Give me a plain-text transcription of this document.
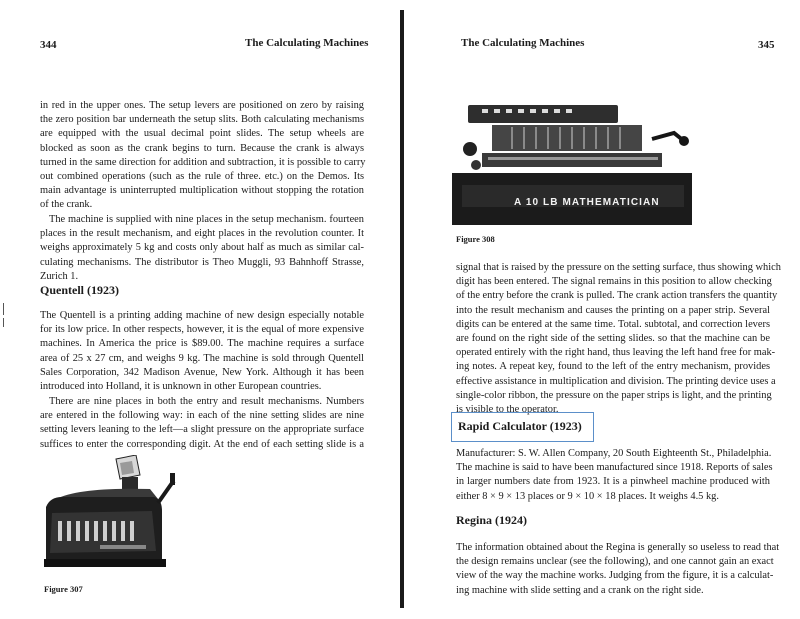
344	The Calculating Machines
in red in the upper ones. The setup levers are positioned on zero by raising
the zero position bar underneath the setup slits. Both calculating mechanisms
are equipped with the usual decimal point slides. The setup wheels are
blocked as soon as the crank begins to turn. Because the crank is always
turned in the same direction for addition and subtraction, it is possible to carry
out combined operations (such as the rule of three. etc.) on the Demos. Its
main advantage is uninterrupted multiplication without stopping the rotation
of the crank.
The machine is supplied with nine places in the setup mechanism. fourteen
places in the result mechanism, and eight places in the revolution counter. It
weighs approximately 5 kg and costs only about half as much as similar cal-
culating mechanisms. The distributor is Theo Muggli, 93 Bahnhoff Strasse,
Zurich 1.
Quentell (1923)
The Quentell is a printing adding machine of new design especially notable
for its low price. In other respects, however, it is the equal of more expensive
machines. In America the price is $89.00. The machine requires a surface
area of 25 x 27 cm, and weighs 9 kg. The machine is sold through Quentell
Sales Corporation, 342 Madison Avenue, New York. Although it has been
introduced into Holland, it is unknown in other European countries.
There are nine places in both the entry and result mechanisms. Numbers
are entered in the following way: in each of the nine setting slides are nine
setting levers leaning to the left—a slight pressure on the appropriate surface
suffices to enter the corresponding digit. At the end of each setting slide is a
Figure 307
The Calculating Machines	345
A 10 LB MATHEMATICIAN
Figure 308
signal that is raised by the pressure on the setting surface, thus showing which
digit has been entered. The signal remains in this position to allow checking
of the entry before the crank is pulled. The crank action transfers the quantity
into the result mechanism and causes the printing on a paper strip. Several
digits can be entered at the same time. Total. subtotal, and correction levers
are found on the right side of the setting slides. so that the machine can be
operated entirely with the right hand, thus leaving the left hand free for mak-
ing notes. A repeat key, found to the left of the entry mechanism, provides
effective assistance in multiplication and division. The printing device uses a
single-color ribbon, the pressure on the paper strips is light, and the printing
is visible to the operator.
Rapid Calculator (1923)
Manufacturer: S. W. Allen Company, 20 South Eighteenth St., Philadelphia.
The machine is said to have been manufactured since 1918. Reports of sales
in larger numbers date from 1923. It is a pinwheel machine produced with
either 8 × 9 × 13 places or 9 × 10 × 18 places. It weighs 4.5 kg.
Regina (1924)
The information obtained about the Regina is generally so useless to read that
the design remains unclear (see the following), and one cannot gain an exact
view of the way the machine works. Judging from the figure, it is a calculat-
ing machine with slide setting and a crank on the right side.
